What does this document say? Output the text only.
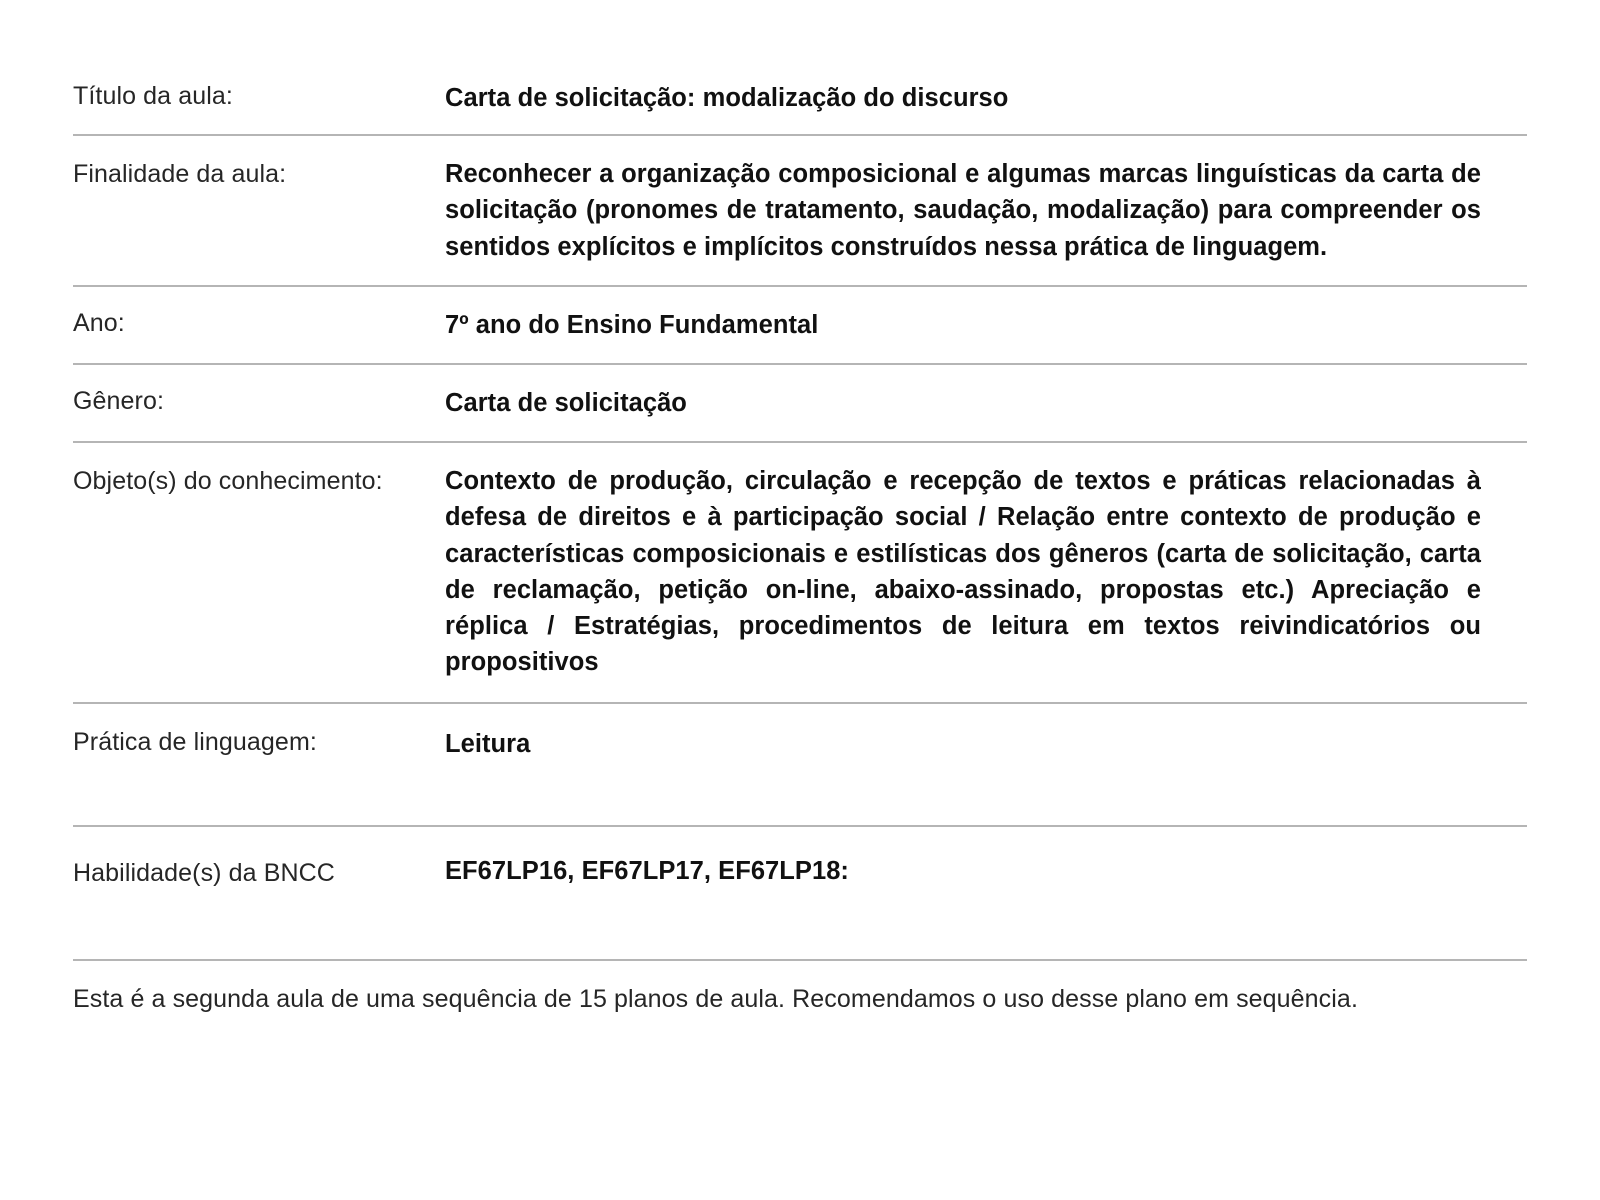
Título da aula:	Carta de solicitação: modalização do discurso
Finalidade da aula:	Reconhecer a organização composicional e algumas marcas linguísticas da carta de solicitação (pronomes de tratamento, saudação, modalização) para compreender os sentidos explícitos e implícitos construídos nessa prática de linguagem.
Ano:	7º ano do Ensino Fundamental
Gênero:	Carta de solicitação
Objeto(s) do conhecimento:	Contexto de produção, circulação e recepção de textos e práticas relacionadas à defesa de direitos e à participação social / Relação entre contexto de produção e características composicionais e estilísticas dos gêneros (carta de solicitação, carta de reclamação, petição on-line, abaixo-assinado, propostas etc.) Apreciação e réplica / Estratégias, procedimentos de leitura em textos reivindicatórios ou propositivos
Prática de linguagem:	Leitura
Habilidade(s) da BNCC	EF67LP16, EF67LP17, EF67LP18:
Esta é a segunda aula de uma sequência de 15 planos de aula. Recomendamos o uso desse plano em sequência.
